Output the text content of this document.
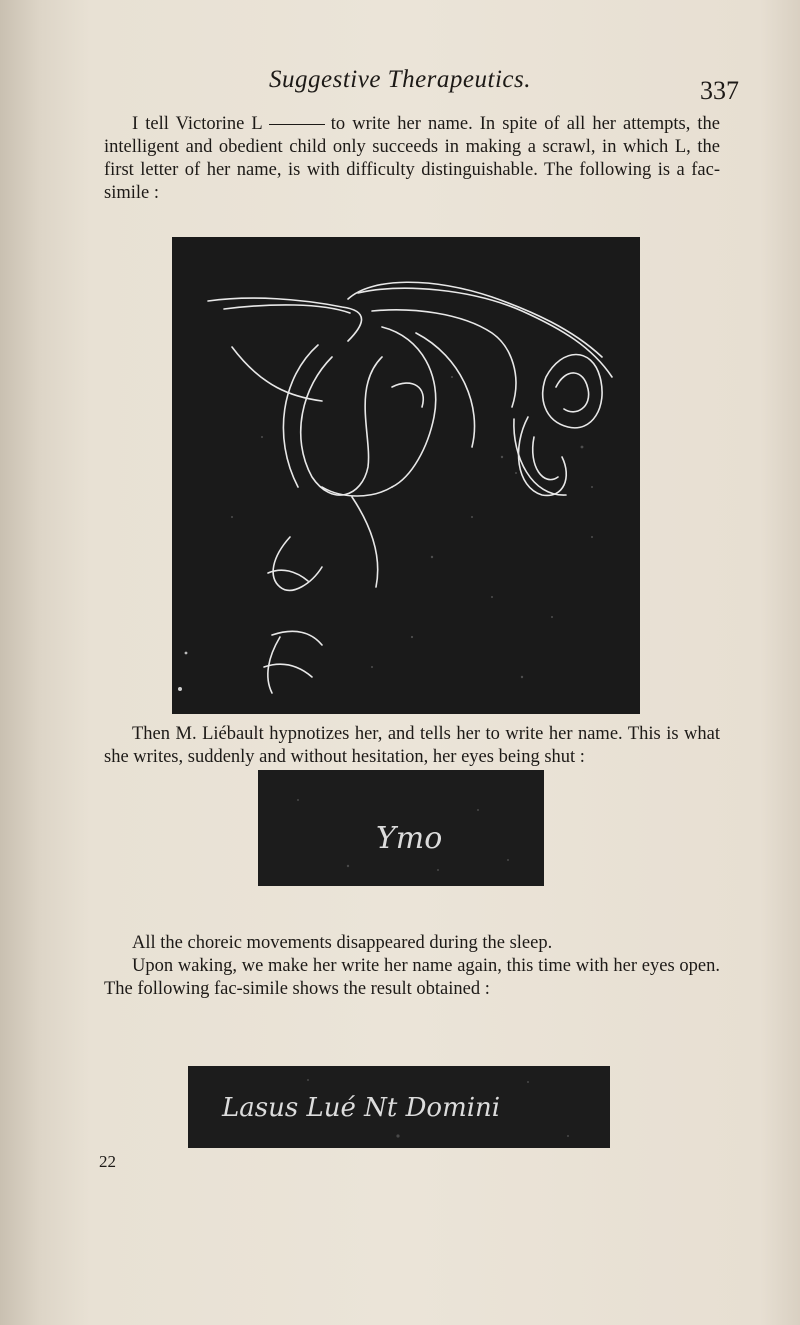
Suggestive Therapeutics.	337

I tell Victorine L	to write her name. In spite of all her attempts, the intelligent and obedient child only succeeds in making a scrawl, in which L, the first letter of her name, is with difficulty distinguishable. The following is a fac-simile :

Then M. Liébault hypnotizes her, and tells her to write her name. This is what she writes, suddenly and without hesitation, her eyes being shut :

Ymo

All the choreic movements disappeared during the sleep.

Upon waking, we make her write her name again, this time with her eyes open. The following fac-simile shows the result obtained :

Lasus Lué Nt Domini
22
